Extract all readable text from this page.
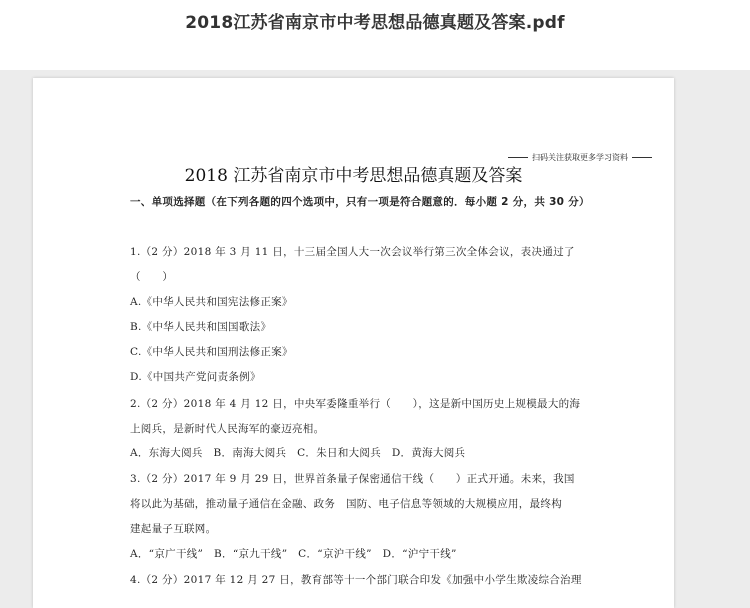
2018江苏省南京市中考思想品德真题及答案.pdf
扫码关注获取更多学习资料
2018 江苏省南京市中考思想品德真题及答案
一、单项选择题（在下列各题的四个选项中，只有一项是符合题意的．每小题 2 分，共 30 分）
1.（2 分）2018 年 3 月 11 日，十三届全国人大一次会议举行第三次全体会议，表决通过了
（　　）
A.《中华人民共和国宪法修正案》
B.《中华人民共和国国歌法》
C.《中华人民共和国刑法修正案》
D.《中国共产党问责条例》
2.（2 分）2018 年 4 月 12 日，中央军委隆重举行（　　），这是新中国历史上规模最大的海
上阅兵，是新时代人民海军的豪迈亮相。
A．东海大阅兵　B．南海大阅兵　C．朱日和大阅兵　D．黄海大阅兵
3.（2 分）2017 年 9 月 29 日，世界首条量子保密通信干线（　　）正式开通。未来，我国
将以此为基础，推动量子通信在金融、政务　国防、电子信息等领域的大规模应用，最终构
建起量子互联网。
A．“京广干线”　B．“京九干线”　C．“京沪干线”　D．“沪宁干线”
4.（2 分）2017 年 12 月 27 日，教育部等十一个部门联合印发《加强中小学生欺凌综合治理
